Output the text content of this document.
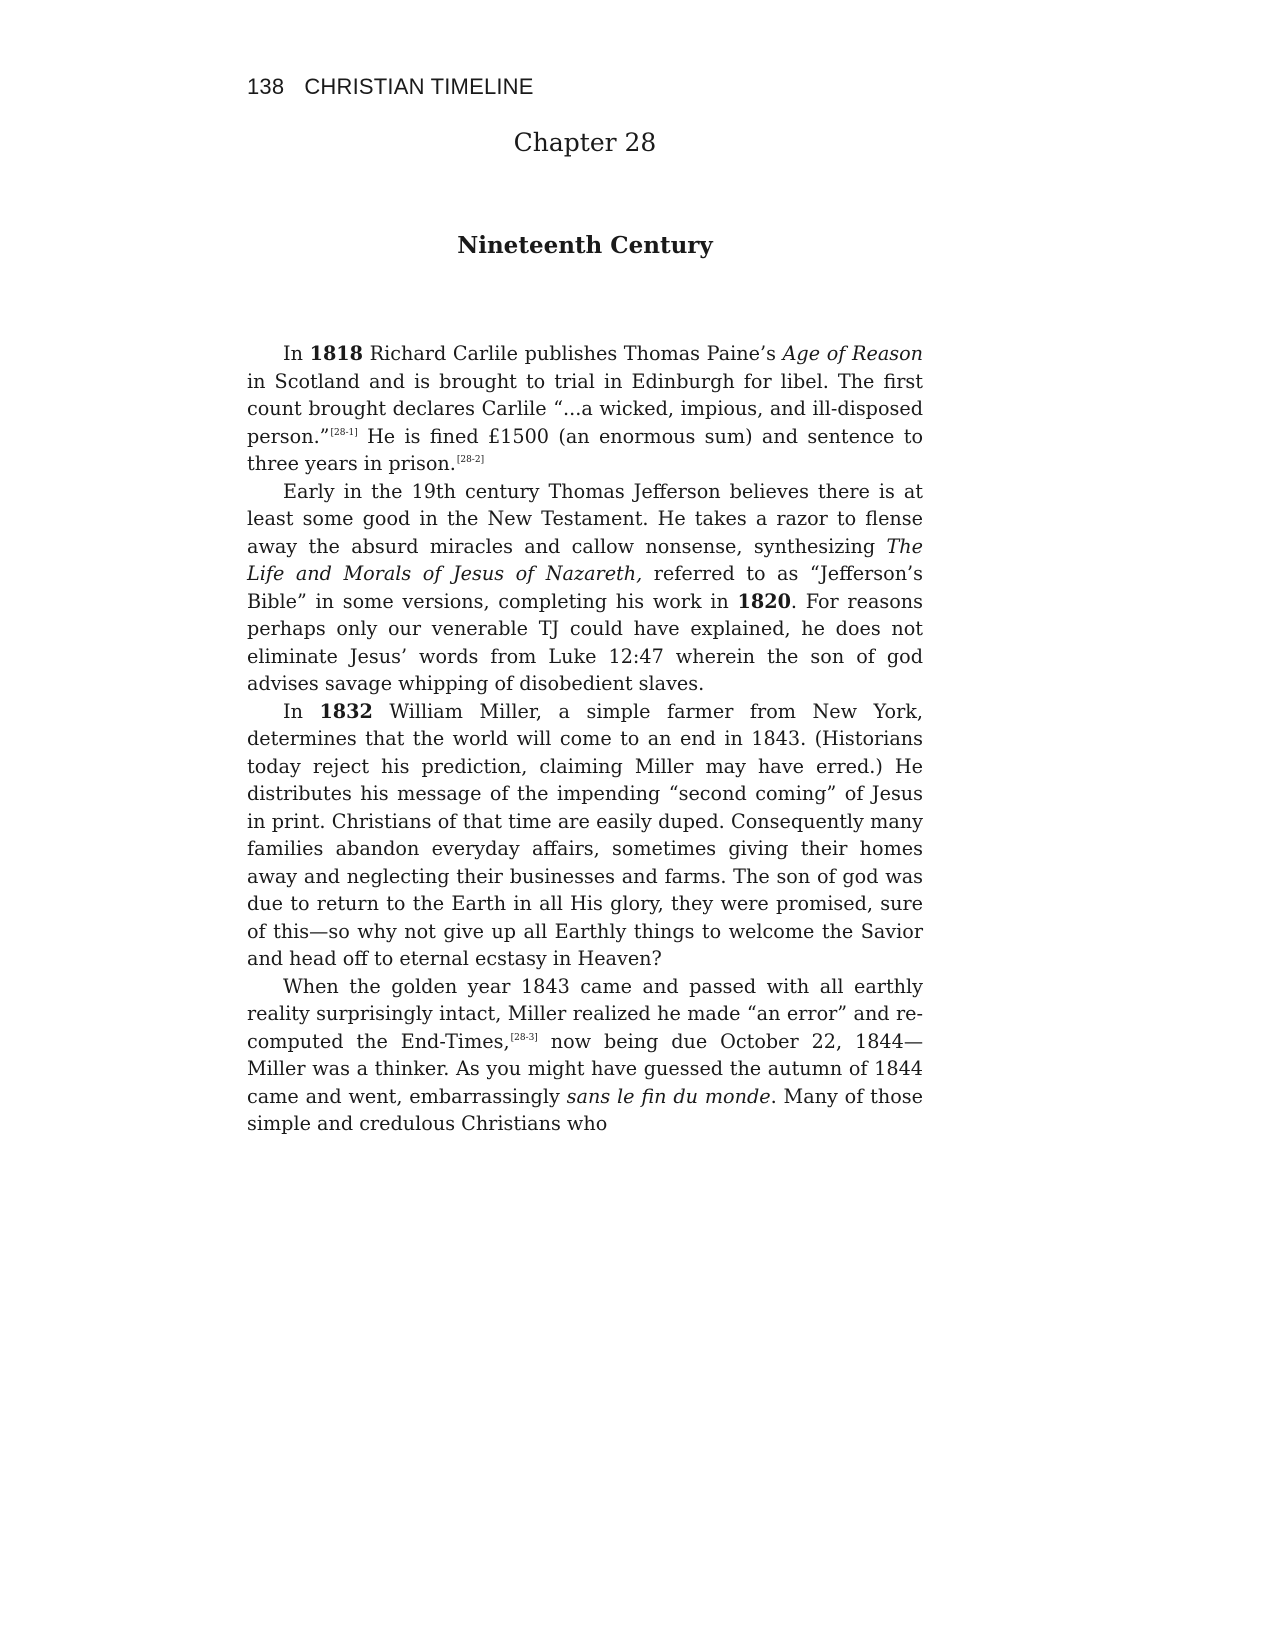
138 CHRISTIAN TIMELINE
Chapter 28
Nineteenth Century

In 1818 Richard Carlile publishes Thomas Paine’s Age of Reason in Scotland and is brought to trial in Edinburgh for libel. The first count brought declares Carlile “...a wicked, impious, and ill-disposed person.”[28-1] He is fined £1500 (an enormous sum) and sentence to three years in prison.[28-2]

Early in the 19th century Thomas Jefferson believes there is at least some good in the New Testament. He takes a razor to flense away the absurd miracles and callow nonsense, synthesizing The Life and Morals of Jesus of Nazareth, referred to as “Jefferson’s Bible” in some versions, completing his work in 1820. For reasons perhaps only our venerable TJ could have explained, he does not eliminate Jesus’ words from Luke 12:47 wherein the son of god advises savage whipping of disobedient slaves.

In 1832 William Miller, a simple farmer from New York, determines that the world will come to an end in 1843. (Historians today reject his prediction, claiming Miller may have erred.) He distributes his message of the impending “second coming” of Jesus in print. Christians of that time are easily duped. Consequently many families abandon everyday affairs, sometimes giving their homes away and neglecting their businesses and farms. The son of god was due to return to the Earth in all His glory, they were promised, sure of this—so why not give up all Earthly things to welcome the Savior and head off to eternal ecstasy in Heaven?

When the golden year 1843 came and passed with all earthly reality surprisingly intact, Miller realized he made “an error” and re-computed the End-Times,[28-3] now being due October 22, 1844—Miller was a thinker. As you might have guessed the autumn of 1844 came and went, embarrassingly sans le fin du monde. Many of those simple and credulous Christians who
